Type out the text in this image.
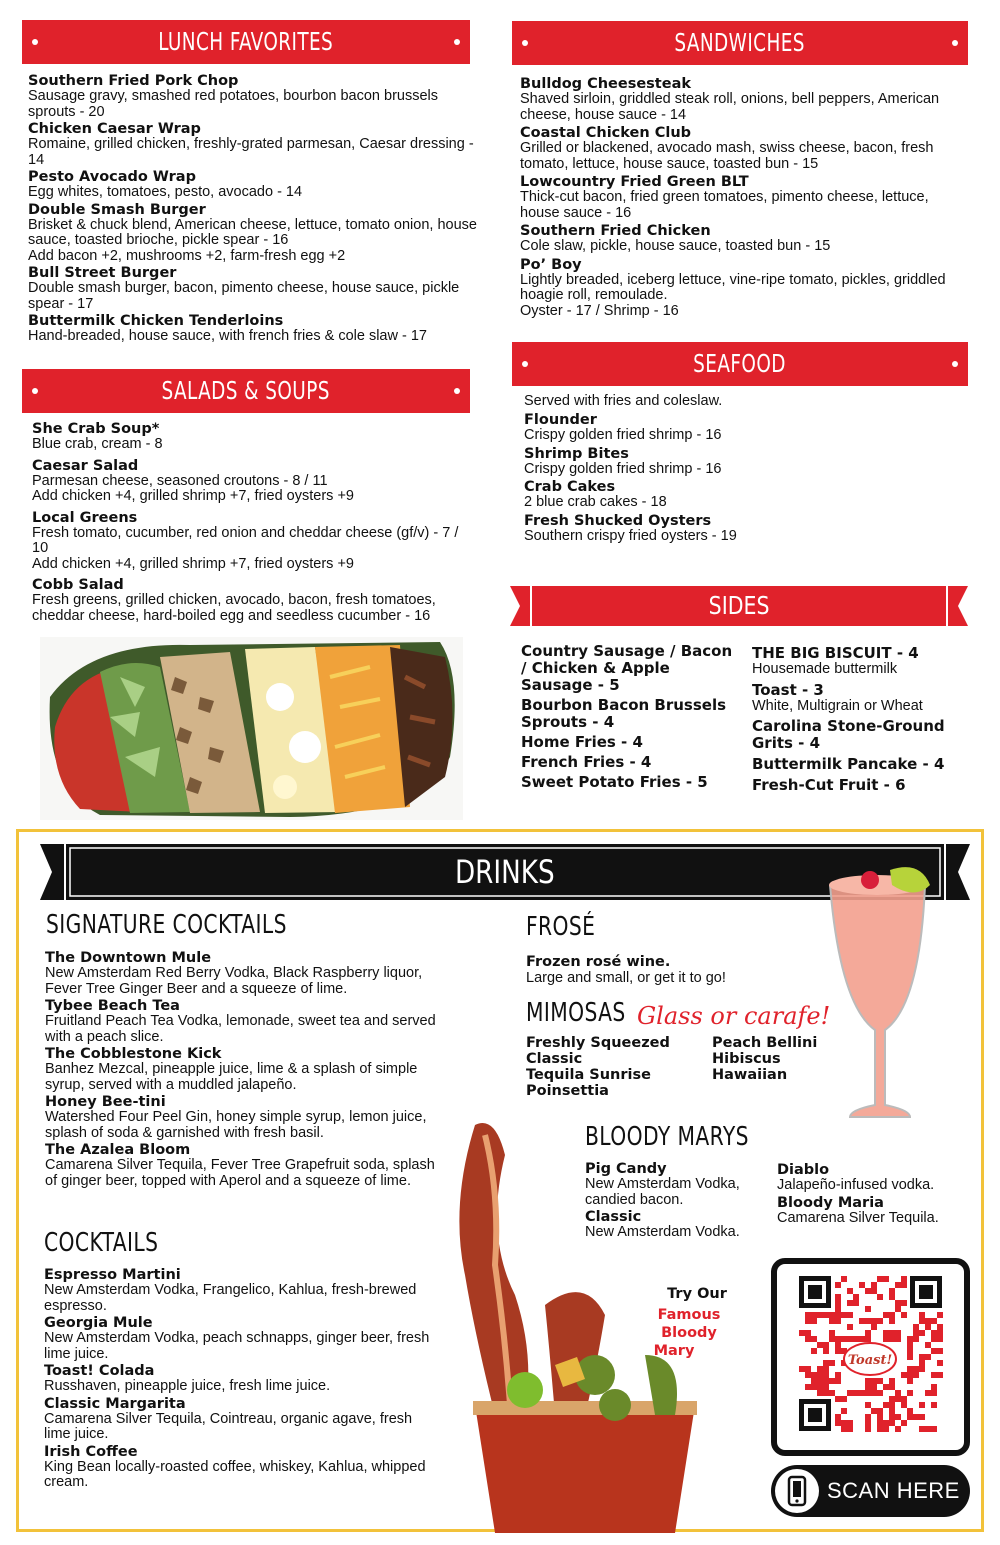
LUNCH FAVORITES
Southern Fried Pork Chop
Sausage gravy, smashed red potatoes, bourbon bacon brussels sprouts - 20
Chicken Caesar Wrap
Romaine, grilled chicken, freshly-grated parmesan, Caesar dressing - 14
Pesto Avocado Wrap
Egg whites, tomatoes, pesto, avocado - 14
Double Smash Burger
Brisket & chuck blend, American cheese, lettuce, tomato onion, house sauce, toasted brioche, pickle spear - 16
Add bacon +2, mushrooms +2, farm-fresh egg +2
Bull Street Burger
Double smash burger, bacon, pimento cheese, house sauce, pickle spear - 17
Buttermilk Chicken Tenderloins
Hand-breaded, house sauce, with french fries & cole slaw - 17
SANDWICHES
Bulldog Cheesesteak
Shaved sirloin, griddled steak roll, onions, bell peppers, American cheese, house sauce - 14
Coastal Chicken Club
Grilled or blackened, avocado mash, swiss cheese, bacon, fresh tomato, lettuce, house sauce, toasted bun - 15
Lowcountry Fried Green BLT
Thick-cut bacon, fried green tomatoes, pimento cheese, lettuce, house sauce - 16
Southern Fried Chicken
Cole slaw, pickle, house sauce, toasted bun - 15
Po’ Boy
Lightly breaded, iceberg lettuce, vine-ripe tomato, pickles, griddled hoagie roll, remoulade.
Oyster - 17 / Shrimp - 16
SALADS & SOUPS
She Crab Soup*
Blue crab, cream - 8
Caesar Salad
Parmesan cheese, seasoned croutons - 8 / 11
Add chicken +4, grilled shrimp +7, fried oysters +9
Local Greens
Fresh tomato, cucumber, red onion and cheddar cheese (gf/v) - 7 / 10
Add chicken +4, grilled shrimp +7, fried oysters +9
Cobb Salad
Fresh greens, grilled chicken, avocado, bacon, fresh tomatoes, cheddar cheese, hard-boiled egg and seedless cucumber - 16
SEAFOOD
Served with fries and coleslaw.
Flounder
Crispy golden fried shrimp - 16
Shrimp Bites
Crispy golden fried shrimp - 16
Crab Cakes
2 blue crab cakes - 18
Fresh Shucked Oysters
Southern crispy fried oysters - 19
SIDES
Country Sausage / Bacon / Chicken & Apple Sausage - 5
Bourbon Bacon Brussels Sprouts - 4
Home Fries - 4
French Fries - 4
Sweet Potato Fries - 5
THE BIG BISCUIT - 4
Housemade buttermilk
Toast - 3
White, Multigrain or Wheat
Carolina Stone-Ground Grits - 4
Buttermilk Pancake - 4
Fresh-Cut Fruit - 6
DRINKS
SIGNATURE COCKTAILS
The Downtown Mule
New Amsterdam Red Berry Vodka, Black Raspberry liquor, Fever Tree Ginger Beer and a squeeze of lime.
Tybee Beach Tea
Fruitland Peach Tea Vodka, lemonade, sweet tea and served with a peach slice.
The Cobblestone Kick
Banhez Mezcal, pineapple juice, lime & a splash of simple syrup, served with a muddled jalapeño.
Honey Bee-tini
Watershed Four Peel Gin, honey simple syrup, lemon juice, splash of soda & garnished with fresh basil.
The Azalea Bloom
Camarena Silver Tequila, Fever Tree Grapefruit soda, splash of ginger beer, topped with Aperol and a squeeze of lime.
COCKTAILS
Espresso Martini
New Amsterdam Vodka, Frangelico, Kahlua, fresh-brewed espresso.
Georgia Mule
New Amsterdam Vodka, peach schnapps, ginger beer, fresh lime juice.
Toast! Colada
Russhaven, pineapple juice, fresh lime juice.
Classic Margarita
Camarena Silver Tequila, Cointreau, organic agave, fresh lime juice.
Irish Coffee
King Bean locally-roasted coffee, whiskey, Kahlua, whipped cream.
FROSÉ
Frozen rosé wine.
Large and small, or get it to go!
MIMOSAS Glass or carafe!
Freshly Squeezed
Classic
Tequila Sunrise
Poinsettia
Peach Bellini
Hibiscus
Hawaiian
BLOODY MARYS
Pig Candy
New Amsterdam Vodka, candied bacon.
Classic
New Amsterdam Vodka.
Diablo
Jalapeño-infused vodka.
Bloody Maria
Camarena Silver Tequila.
Try Our
Famous
Bloody
Mary
Toast!
SCAN HERE
